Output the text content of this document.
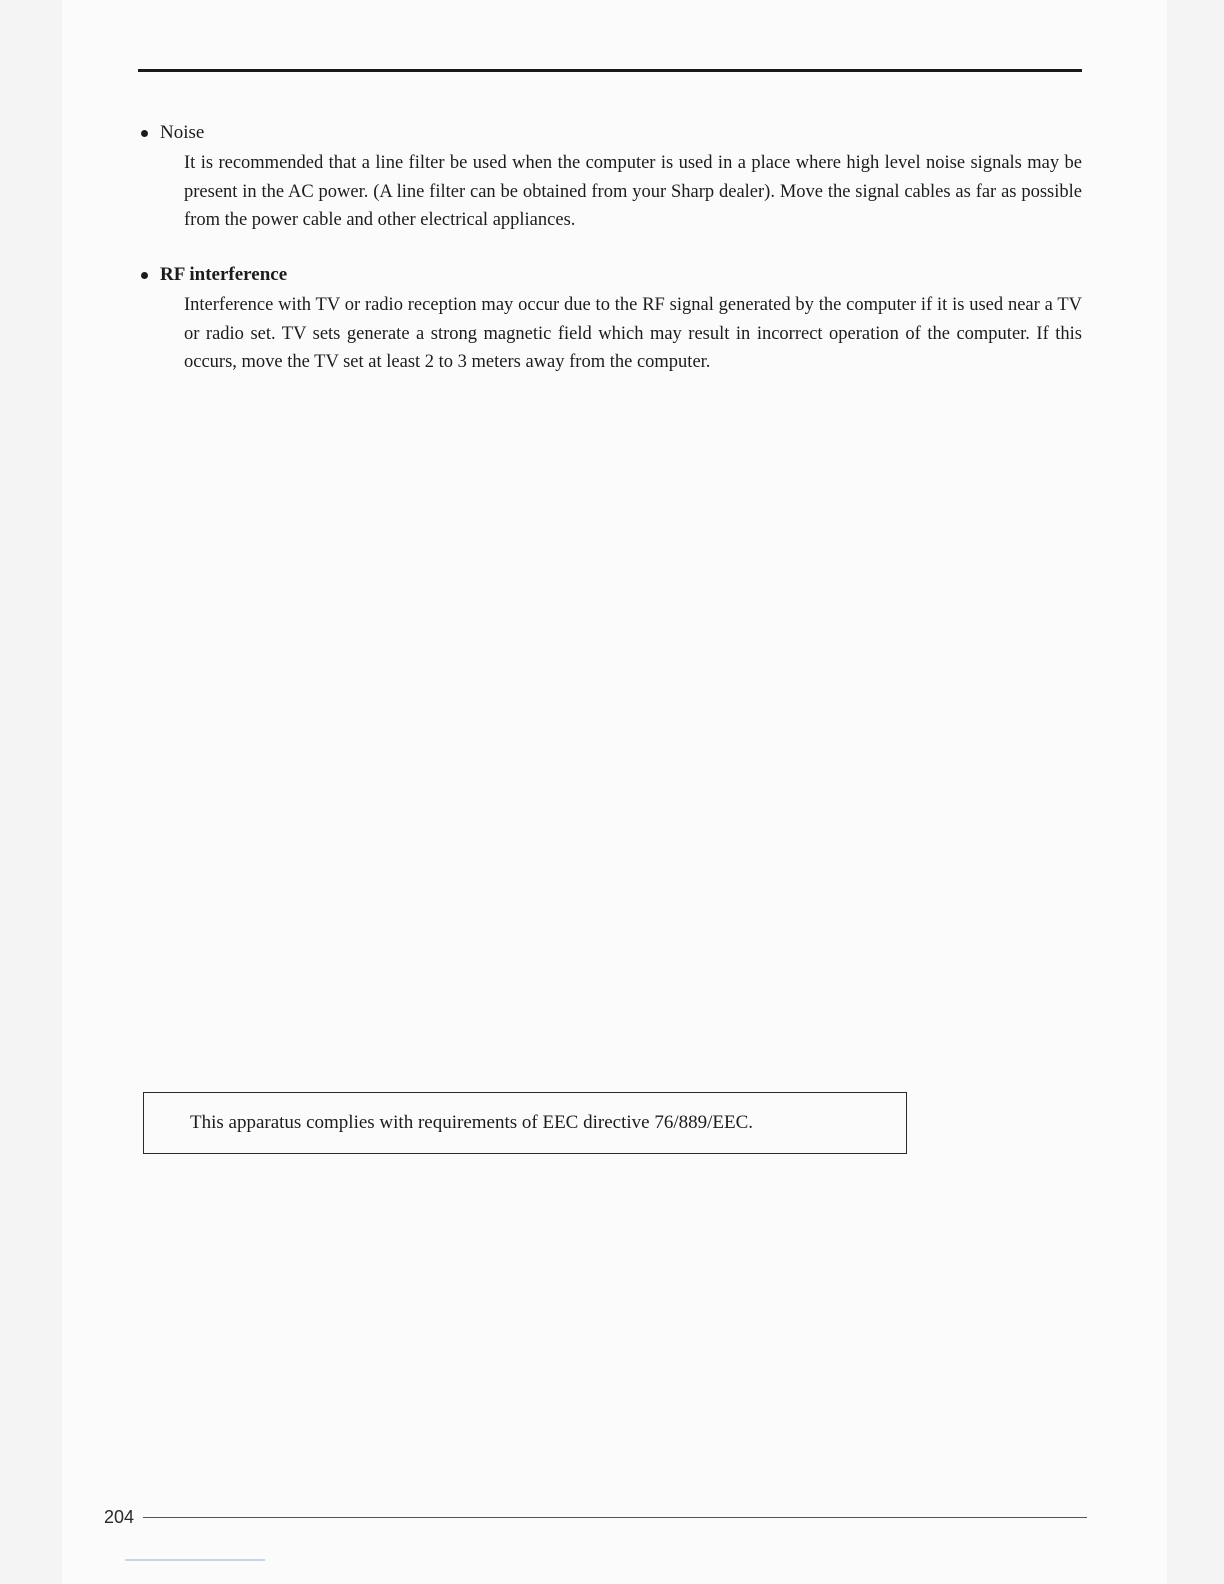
Noise

It is recommended that a line filter be used when the computer is used in a place where high level noise signals may be present in the AC power. (A line filter can be obtained from your Sharp dealer). Move the signal cables as far as possible from the power cable and other electrical appliances.

RF interference

Interference with TV or radio reception may occur due to the RF signal generated by the computer if it is used near a TV or radio set. TV sets generate a strong magnetic field which may result in incorrect operation of the computer. If this occurs, move the TV set at least 2 to 3 meters away from the computer.

This apparatus complies with requirements of EEC directive 76/889/EEC.
204
